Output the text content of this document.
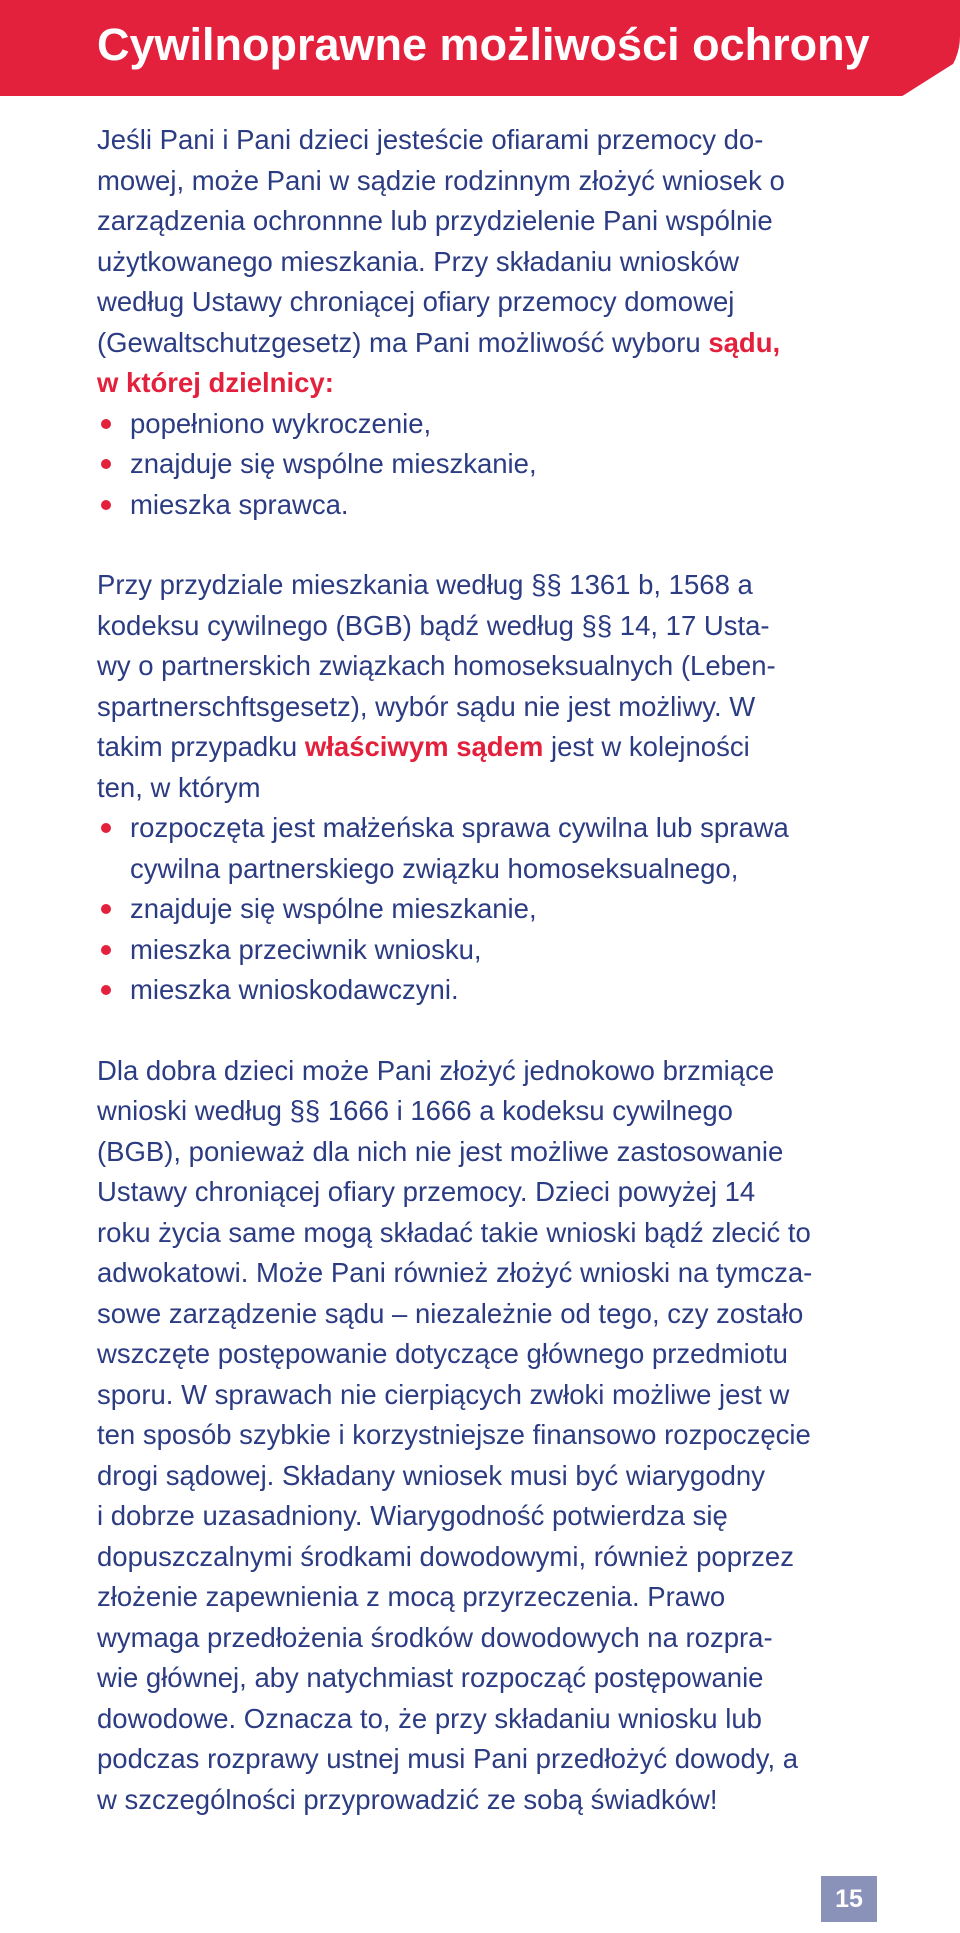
Cywilnoprawne możliwości ochrony

Jeśli Pani i Pani dzieci jesteście ofiarami przemocy do-
mowej, może Pani w sądzie rodzinnym złożyć wniosek o
zarządzenia ochronnne lub przydzielenie Pani wspólnie
użytkowanego mieszkania. Przy składaniu wniosków
według Ustawy chroniącej ofiary przemocy domowej
(Gewaltschutzgesetz) ma Pani możliwość wyboru sądu,
w której dzielnicy:

popełniono wykroczenie,
znajduje się wspólne mieszkanie,
mieszka sprawca.

Przy przydziale mieszkania według §§ 1361 b, 1568 a
kodeksu cywilnego (BGB) bądź według §§ 14, 17 Usta-
wy o partnerskich związkach homoseksualnych (Leben-
spartnerschftsgesetz), wybór sądu nie jest możliwy. W
takim przypadku właściwym sądem jest w kolejności
ten, w którym

rozpoczęta jest małżeńska sprawa cywilna lub sprawa
cywilna partnerskiego związku homoseksualnego,
znajduje się wspólne mieszkanie,
mieszka przeciwnik wniosku,
mieszka wnioskodawczyni.

Dla dobra dzieci może Pani złożyć jednokowo brzmiące
wnioski według §§ 1666 i 1666 a kodeksu cywilnego
(BGB), ponieważ dla nich nie jest możliwe zastosowanie
Ustawy chroniącej ofiary przemocy. Dzieci powyżej 14
roku życia same mogą składać takie wnioski bądź zlecić to
adwokatowi. Może Pani również złożyć wnioski na tymcza-
sowe zarządzenie sądu – niezależnie od tego, czy zostało
wszczęte postępowanie dotyczące głównego przedmiotu
sporu. W sprawach nie cierpiących zwłoki możliwe jest w
ten sposób szybkie i korzystniejsze finansowo rozpoczęcie
drogi sądowej. Składany wniosek musi być wiarygodny
i dobrze uzasadniony. Wiarygodność potwierdza się
dopuszczalnymi środkami dowodowymi, również poprzez
złożenie zapewnienia z mocą przyrzeczenia. Prawo
wymaga przedłożenia środków dowodowych na rozpra-
wie głównej, aby natychmiast rozpocząć postępowanie
dowodowe. Oznacza to, że przy składaniu wniosku lub
podczas rozprawy ustnej musi Pani przedłożyć dowody, a
w szczególności przyprowadzić ze sobą świadków!

15
